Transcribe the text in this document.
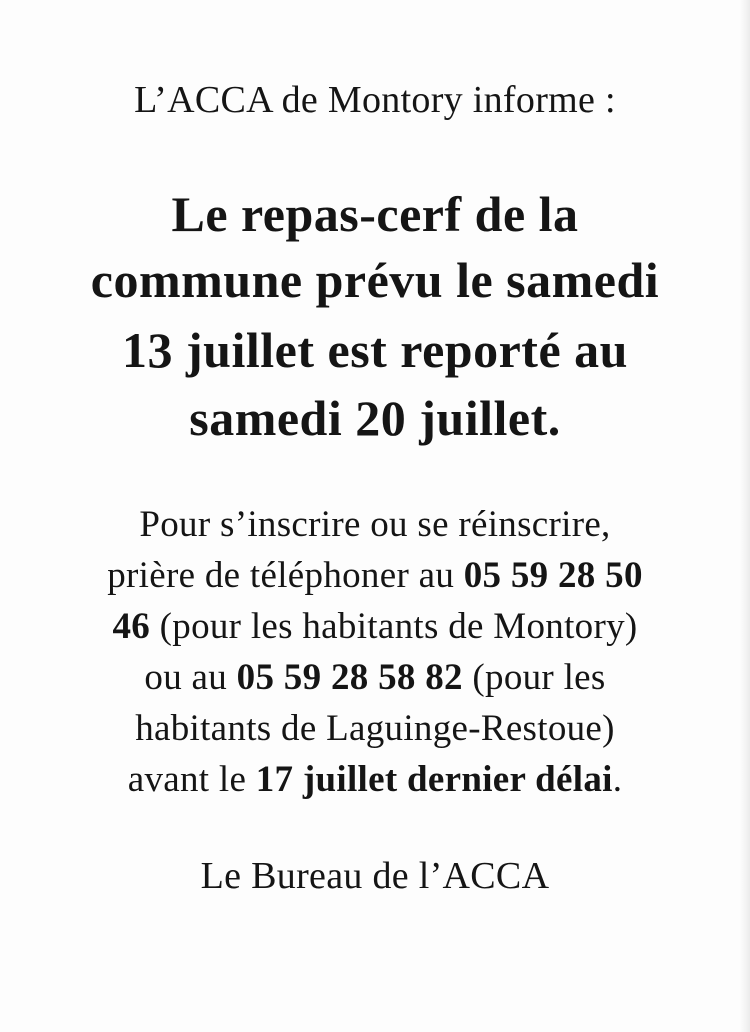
L’ACCA de Montory informe :
Le repas-cerf de la
commune prévu le samedi
13 juillet est reporté au
samedi 20 juillet.
Pour s’inscrire ou se réinscrire,
prière de téléphoner au 05 59 28 50
46 (pour les habitants de Montory)
ou au 05 59 28 58 82 (pour les
habitants de Laguinge-Restoue)
avant le 17 juillet dernier délai.
Le Bureau de l’ACCA
